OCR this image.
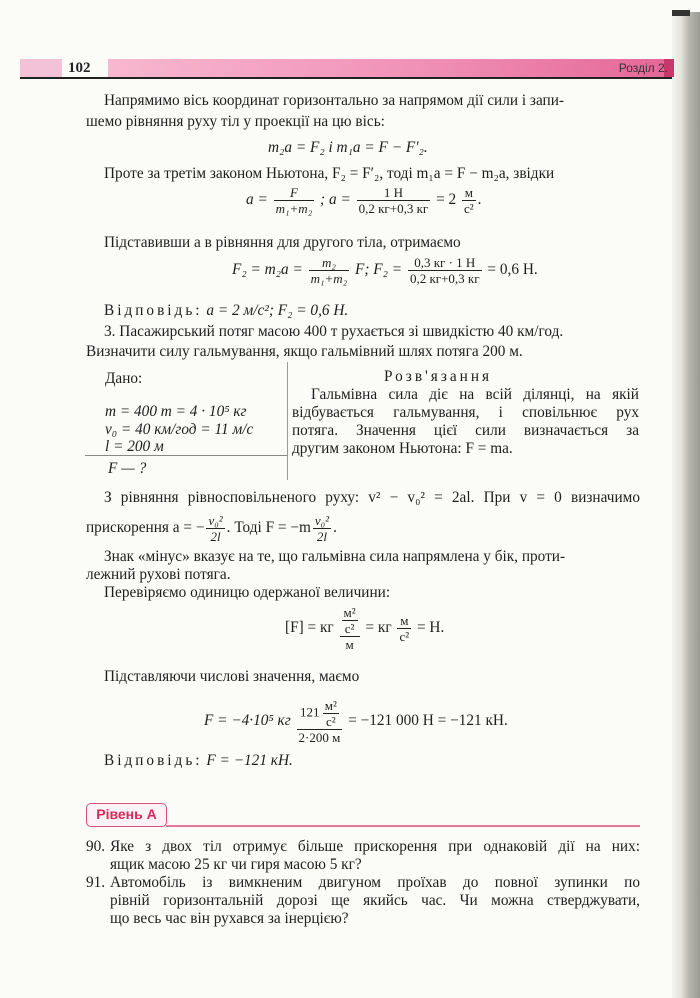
102	Розділ 2.
Напрямимо вісь координат горизонтально за напрямом дії сили і запи-
шемо рівняння руху тіл у проекції на цю вісь:
m₂a = F₂ і m₁a = F − F′₂.
Проте за третім законом Ньютона, F₂ = F′₂, тоді m₁a = F − m₂a, звідки
$a = \frac{F}{\text{m₁+m₂}}$ ; $a = \frac{1 Н}{0,2 кг+0,3 кг} = 2 \frac{м}{\text{с²}}$ .
Підставивши a в рівняння для другого тіла, отримаємо
$F_2 = m_2a = \frac{\text{m₂}}{\text{m₁+m₂}} F$; $F_2 = \frac{0,3 кг \cdot 1 Н}{0,2 кг+0,3 кг} = 0,6$ Н.
Відповідь: a = 2 м/с²; F₂ = 0,6 Н.
3. Пасажирський потяг масою 400 т рухається зі швидкістю 40 км/год.
Визначити силу гальмування, якщо гальмівний шлях потяга 200 м.
Дано:
m = 400 т = 4 · 10⁵ кг
v₀ = 40 км/год = 11 м/с
l = 200 м
F — ?
Розв'язання
Гальмівна сила діє на всій ділянці, на якій
відбувається гальмування, і сповільнює рух
потяга. Значення цієї сили визначається за
другим законом Ньютона: F = ma.
З рівняння рівносповільненого руху: v² − v₀² = 2al. При v = 0 визначимо
прискорення a = − $\frac{\text{v₀²}}{2l}$ . Тоді $F = -m \frac{\text{v₀²}}{2l}$ .
Знак «мінус» вказує на те, що гальмівна сила напрямлена у бік, проти-
лежний рухові потяга.
Перевіряємо одиницю одержаної величини:
[F] = кг $\frac{\frac{\text{м²}}{\text{с²}}}{м}$ = кг $\frac{м}{\text{с²}} = Н$.
Підставляючи числові значення, маємо
F = −4·10⁵ кг $\frac{121 \frac{\text{м²}}{\text{с²}}}{2\cdot 200 м} = -121$ 000 Н = −121 кН.
Відповідь: F = −121 кН.
Рівень А
90. Яке з двох тіл отримує більше прискорення при однаковій дії на них:
ящик масою 25 кг чи гиря масою 5 кг?
91. Автомобіль із вимкненим двигуном проїхав до повної зупинки по
рівній горизонтальній дорозі ще якийсь час. Чи можна стверджувати,
що весь час він рухався за інерцією?
